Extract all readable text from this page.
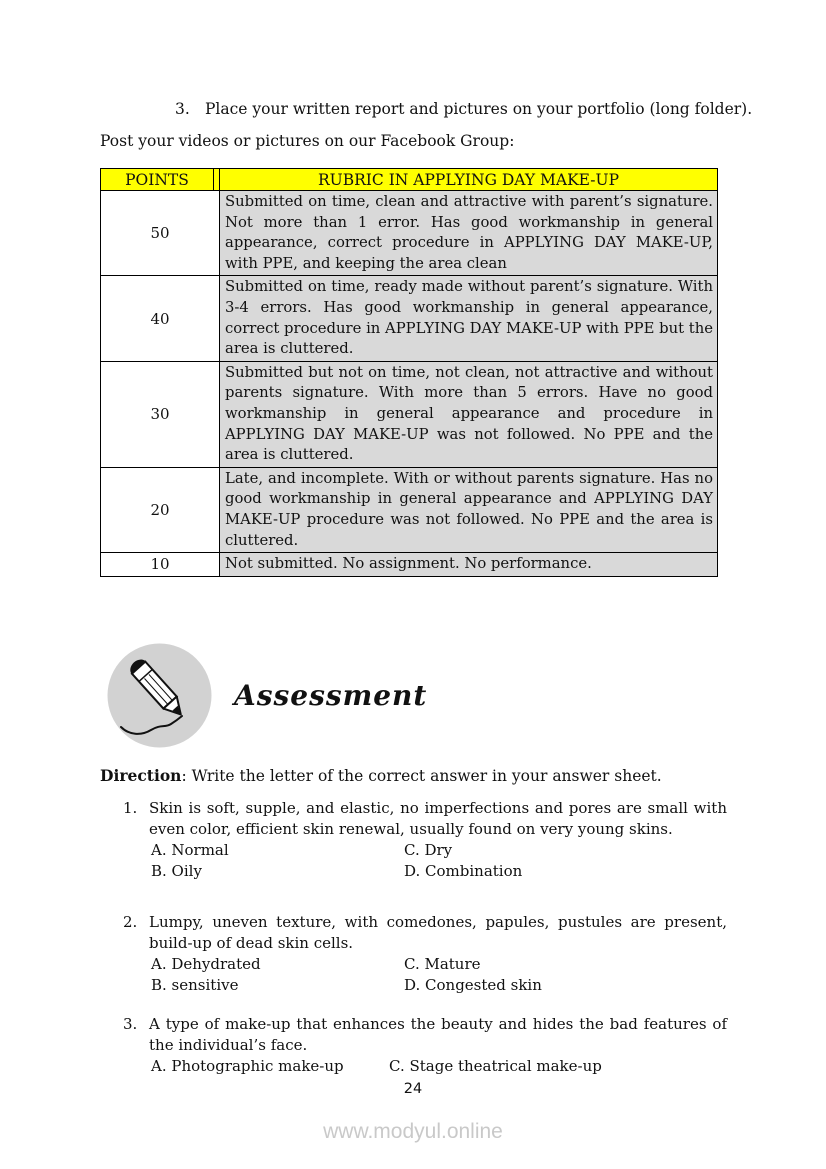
3. Place your written report and pictures on your portfolio (long folder).
Post your videos or pictures on our Facebook Group:
POINTS		RUBRIC IN APPLYING DAY MAKE-UP
50		Submitted on time, clean and attractive with parent’s signature. Not more than 1 error. Has good workmanship in general appearance, correct procedure in APPLYING DAY MAKE-UP, with PPE, and keeping the area clean
40		Submitted on time, ready made without parent’s signature. With 3-4 errors. Has good workmanship in general appearance, correct procedure in APPLYING DAY MAKE-UP with PPE but the area is cluttered.
30		Submitted but not on time, not clean, not attractive and without parents signature. With more than 5 errors. Have no good workmanship in general appearance and procedure in APPLYING DAY MAKE-UP was not followed. No PPE and the area is cluttered.
20		Late, and incomplete. With or without parents signature. Has no good workmanship in general appearance and APPLYING DAY MAKE-UP procedure was not followed. No PPE and the area is cluttered.
10		Not submitted. No assignment. No performance.
Assessment
Direction: Write the letter of the correct answer in your answer sheet.
1. Skin is soft, supple, and elastic, no imperfections and pores are small with even color, efficient skin renewal, usually found on very young skins.
A. Normal	C. Dry
B. Oily	D. Combination
2. Lumpy, uneven texture, with comedones, papules, pustules are present, build-up of dead skin cells.
A. Dehydrated	C. Mature
B. sensitive	D. Congested skin
3. A type of make-up that enhances the beauty and hides the bad features of the individual’s face.
A. Photographic make-up	C. Stage theatrical make-up
24
www.modyul.online
